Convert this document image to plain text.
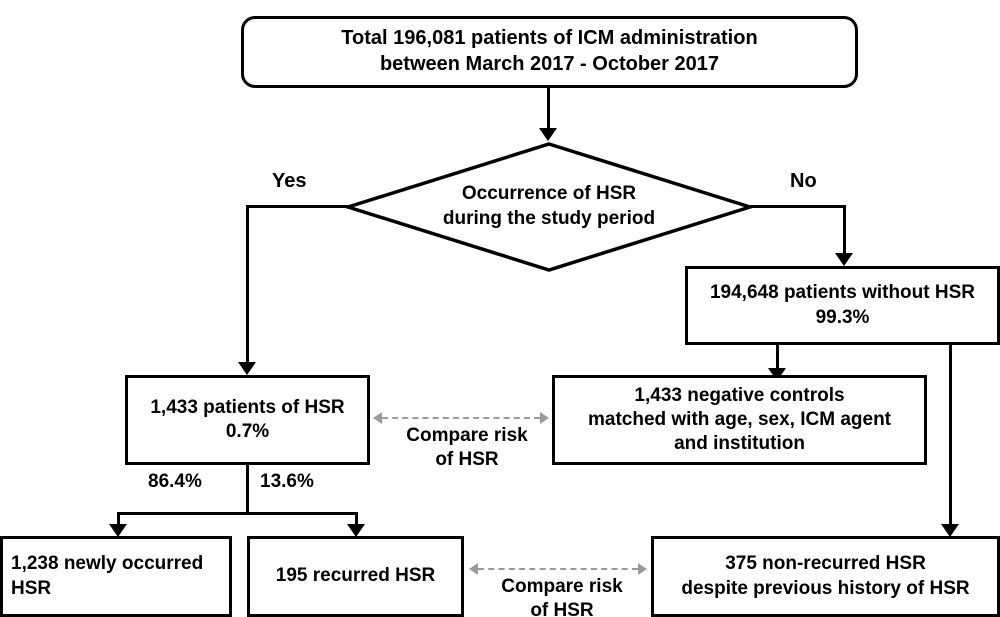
Total 196,081 patients of ICM administration
between March 2017 - October 2017
Occurrence of HSR
during the study period
Yes	No
194,648 patients without HSR
99.3%
1,433 patients of HSR
0.7%
1,433 negative controls
matched with age, sex, ICM agent
and institution
Compare risk of HSR
86.4%	13.6%
1,238 newly occurred
HSR
195 recurred HSR
375 non-recurred HSR
despite previous history of HSR
Compare risk of HSR
